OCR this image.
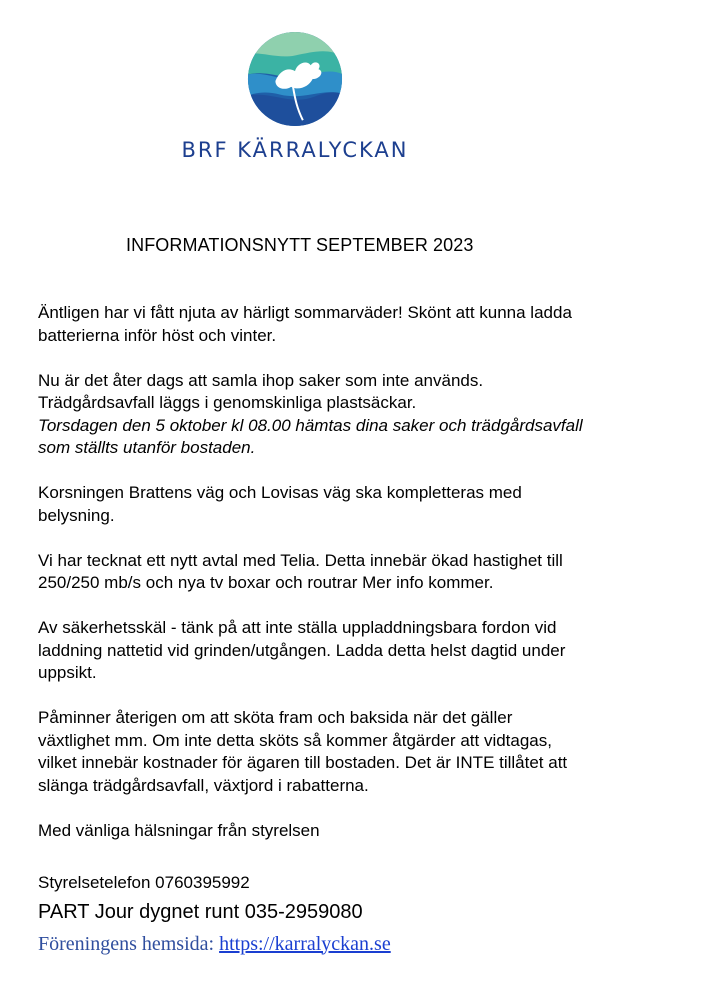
BRF KÄRRALYCKAN
INFORMATIONSNYTT SEPTEMBER 2023

Äntligen har vi fått njuta av härligt sommarväder! Skönt att kunna ladda
batterierna inför höst och vinter.

Nu är det åter dags att samla ihop saker som inte används.
Trädgårdsavfall läggs i genomskinliga plastsäckar.
Torsdagen den 5 oktober kl 08.00 hämtas dina saker och trädgårdsavfall
som ställts utanför bostaden.

Korsningen Brattens väg och Lovisas väg ska kompletteras med
belysning.

Vi har tecknat ett nytt avtal med Telia. Detta innebär ökad hastighet till
250/250 mb/s och nya tv boxar och routrar Mer info kommer.

Av säkerhetsskäl - tänk på att inte ställa uppladdningsbara fordon vid
laddning nattetid vid grinden/utgången. Ladda detta helst dagtid under
uppsikt.

Påminner återigen om att sköta fram och baksida när det gäller
växtlighet mm. Om inte detta sköts så kommer åtgärder att vidtagas,
vilket innebär kostnader för ägaren till bostaden. Det är INTE tillåtet att
slänga trädgårdsavfall, växtjord i rabatterna.

Med vänliga hälsningar från styrelsen

Styrelsetelefon 0760395992
PART Jour dygnet runt 035-2959080
Föreningens hemsida: https://karralyckan.se
